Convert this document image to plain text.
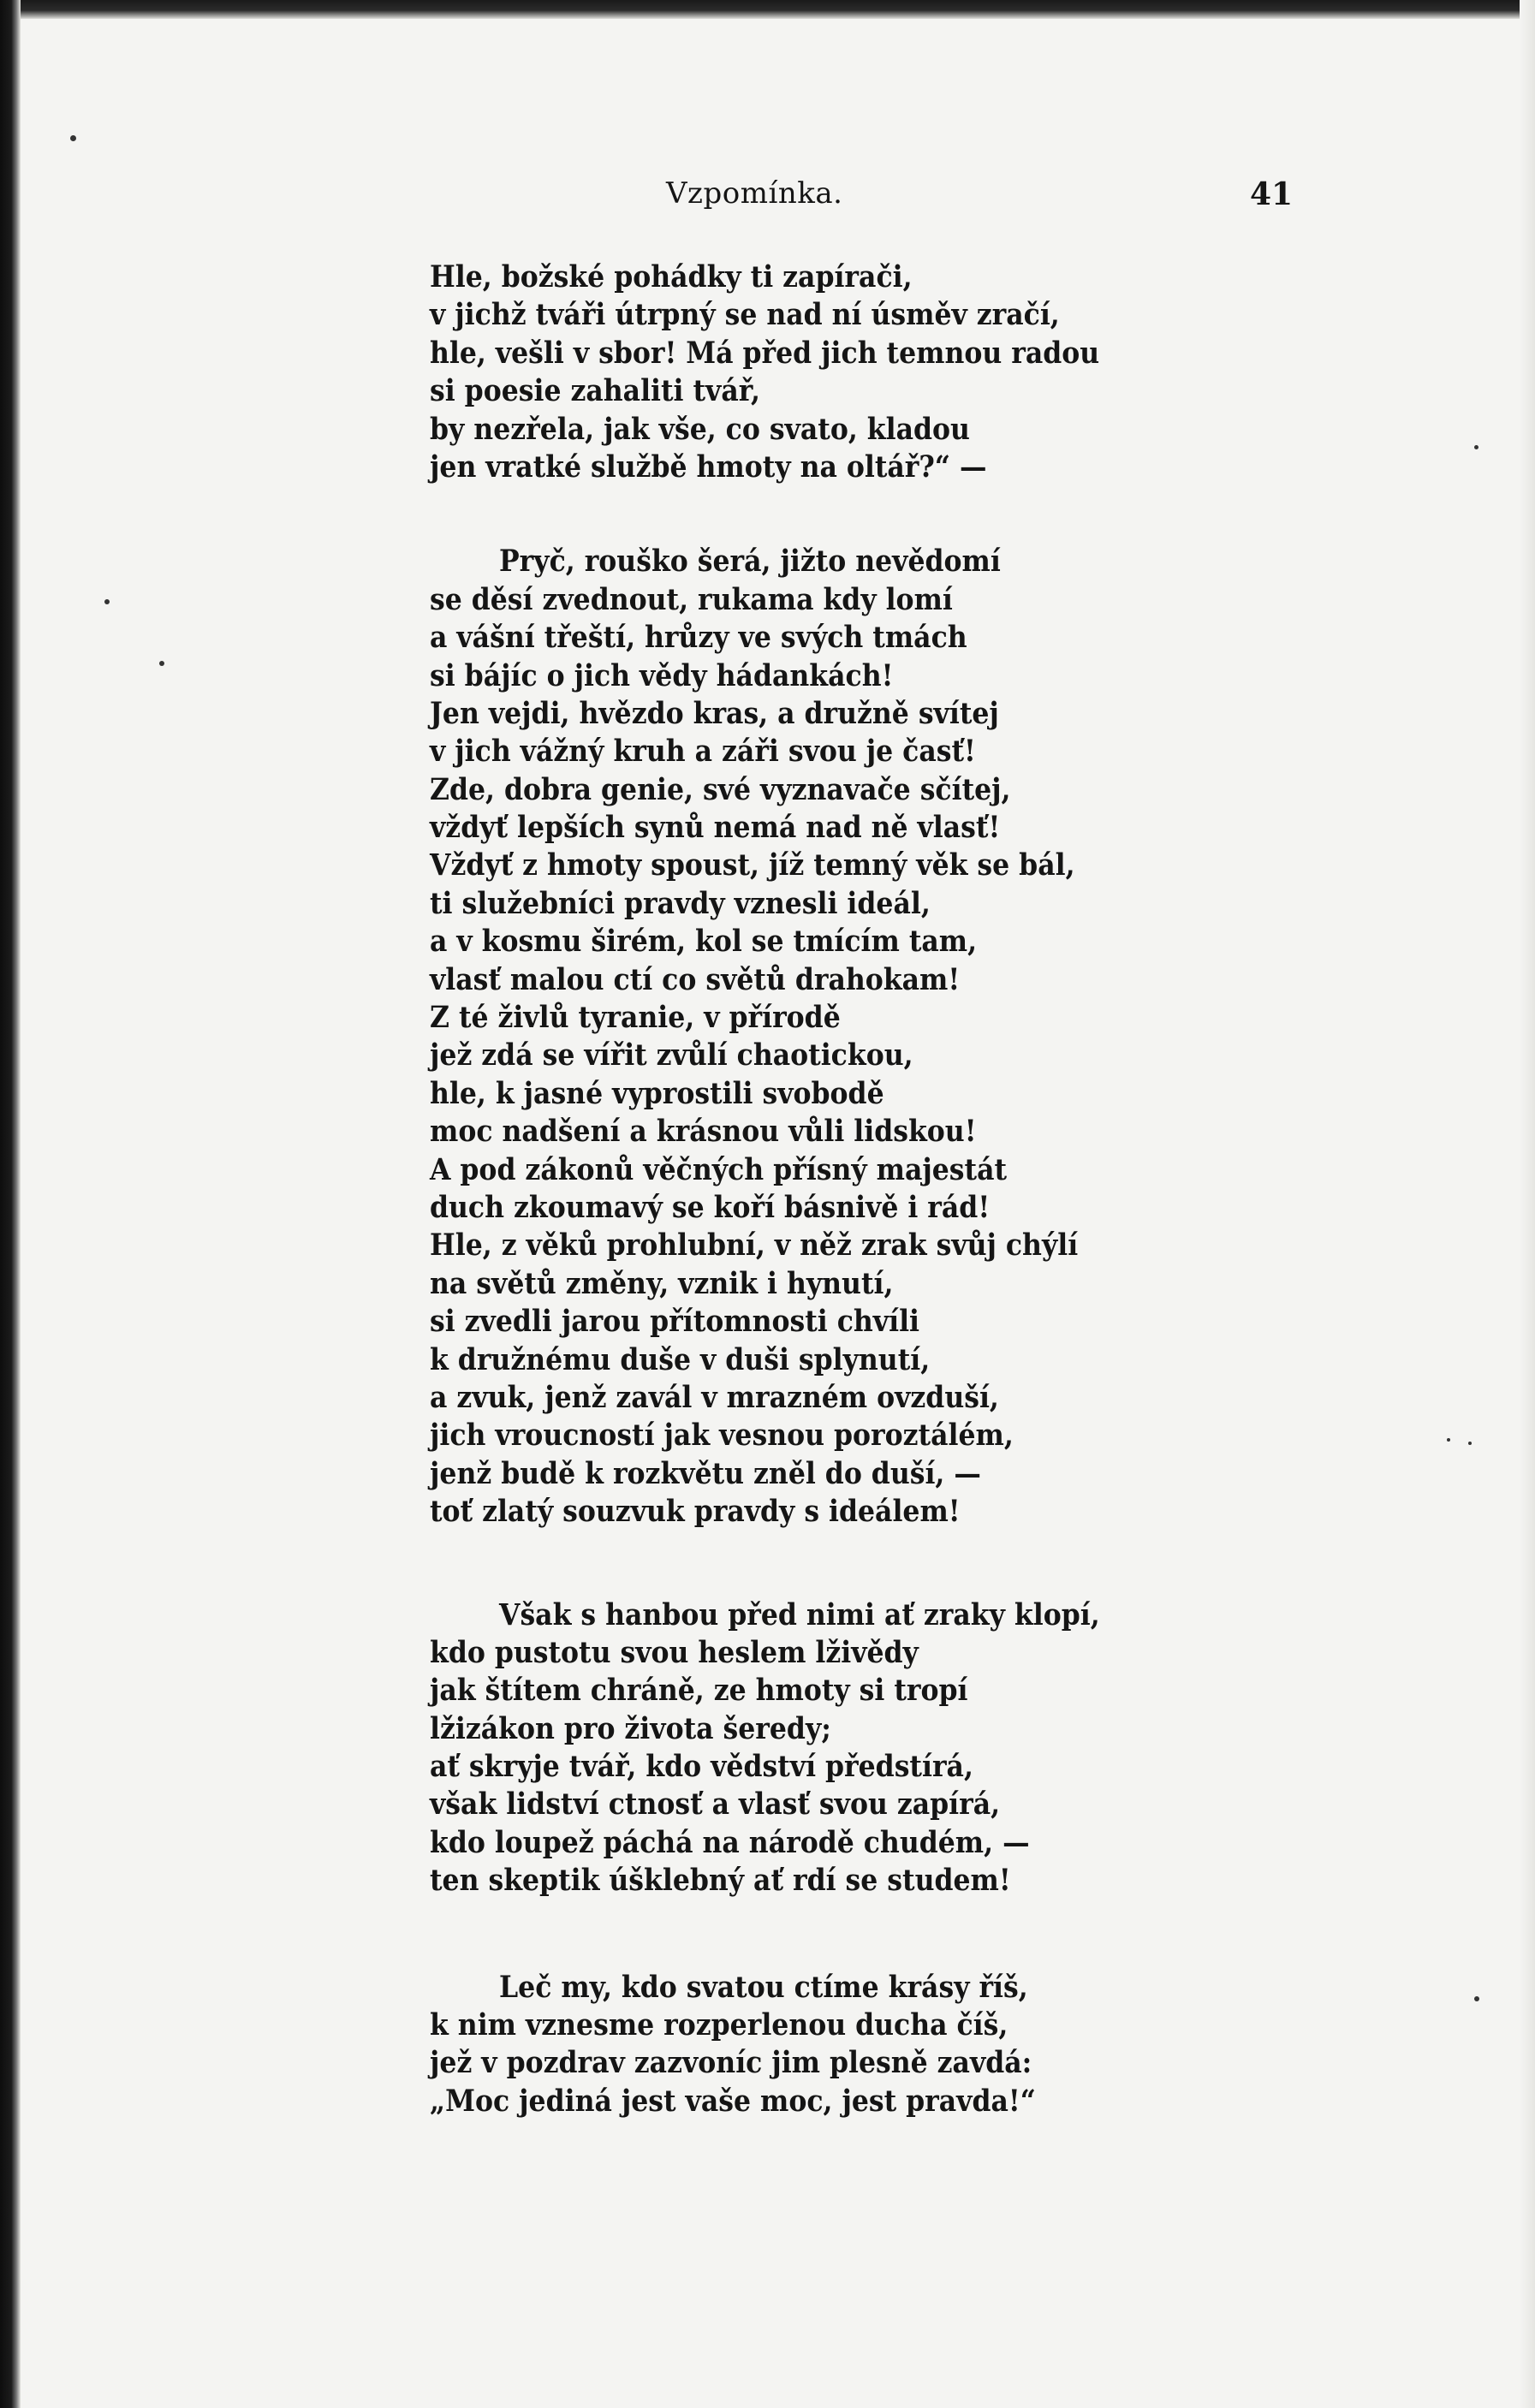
Vzpomínka.	41
Hle, božské pohádky ti zapírači,
v jichž tváři útrpný se nad ní úsměv zračí,
hle, vešli v sbor! Má před jich temnou radou
si poesie zahaliti tvář,
by nezřela, jak vše, co svato, kladou
jen vratké službě hmoty na oltář?“ —
Pryč, rouško šerá, jižto nevědomí
se děsí zvednout, rukama kdy lomí
a vášní třeští, hrůzy ve svých tmách
si bájíc o jich vědy hádankách!
Jen vejdi, hvězdo kras, a družně svítej
v jich vážný kruh a záři svou je časť!
Zde, dobra genie, své vyznavače sčítej,
vždyť lepších synů nemá nad ně vlasť!
Vždyť z hmoty spoust, jíž temný věk se bál,
ti služebníci pravdy vznesli ideál,
a v kosmu širém, kol se tmícím tam,
vlasť malou ctí co světů drahokam!
Z té živlů tyranie, v přírodě
jež zdá se vířit zvůlí chaotickou,
hle, k jasné vyprostili svobodě
moc nadšení a krásnou vůli lidskou!
A pod zákonů věčných přísný majestát
duch zkoumavý se koří básnivě i rád!
Hle, z věků prohlubní, v něž zrak svůj chýlí
na světů změny, vznik i hynutí,
si zvedli jarou přítomnosti chvíli
k družnému duše v duši splynutí,
a zvuk, jenž zavál v mrazném ovzduší,
jich vroucností jak vesnou poroztálém,
jenž budě k rozkvětu zněl do duší, —
toť zlatý souzvuk pravdy s ideálem!
Však s hanbou před nimi ať zraky klopí,
kdo pustotu svou heslem lživědy
jak štítem chráně, ze hmoty si tropí
lžizákon pro života šeredy;
ať skryje tvář, kdo vědství předstírá,
však lidství ctnosť a vlasť svou zapírá,
kdo loupež páchá na národě chudém, —
ten skeptik úšklebný ať rdí se studem!
Leč my, kdo svatou ctíme krásy říš,
k nim vznesme rozperlenou ducha číš,
jež v pozdrav zazvoníc jim plesně zavdá:
„Moc jediná jest vaše moc, jest pravda!“
